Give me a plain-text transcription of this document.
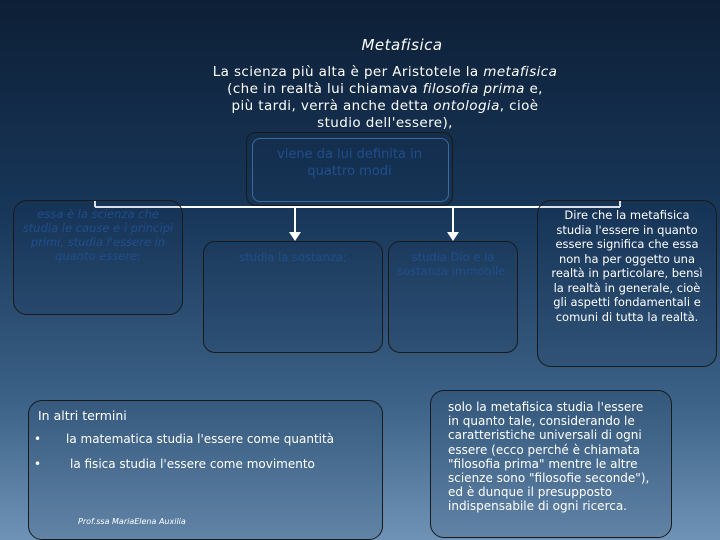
Metafisica
La scienza più alta è per Aristotele la metafisica
(che in realtà lui chiamava filosofia prima e,
più tardi, verrà anche detta ontologia, cioè
studio dell'essere),
viene da lui definita in
quattro modi
essa è la scienza che studia le cause e i principi primi, studia l'essere in quanto essere;	studia la sostanza;	studia Dio e la sostanza immobile.
Dire che la metafisica studia l'essere in quanto essere significa che essa non ha per oggetto una realtà in particolare, bensì la realtà in generale, cioè gli aspetti fondamentali e comuni di tutta la realtà.
In altri termini
• la matematica studia l'essere come quantità
• la fisica studia l'essere come movimento
Prof.ssa MariaElena Auxilia
solo la metafisica studia l'essere in quanto tale, considerando le caratteristiche universali di ogni essere (ecco perché è chiamata "filosofia prima" mentre le altre scienze sono "filosofie seconde"), ed è dunque il presupposto indispensabile di ogni ricerca.
